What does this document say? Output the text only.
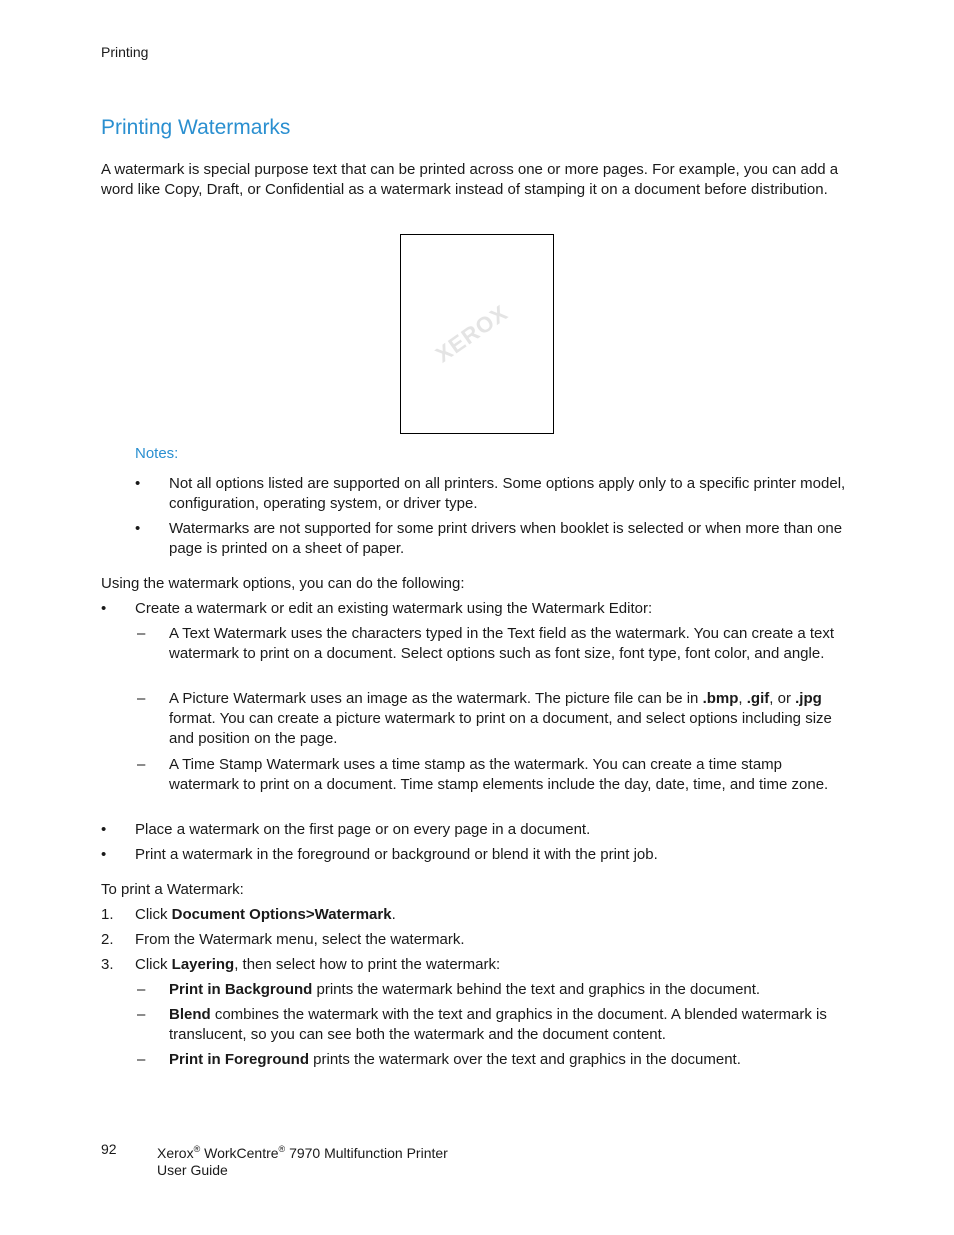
Printing
Printing Watermarks
A watermark is special purpose text that can be printed across one or more pages. For example, you can add a word like Copy, Draft, or Confidential as a watermark instead of stamping it on a document before distribution.
XEROX
Notes:
• Not all options listed are supported on all printers. Some options apply only to a specific printer model, configuration, operating system, or driver type.
• Watermarks are not supported for some print drivers when booklet is selected or when more than one page is printed on a sheet of paper.
Using the watermark options, you can do the following:
• Create a watermark or edit an existing watermark using the Watermark Editor:
– A Text Watermark uses the characters typed in the Text field as the watermark. You can create a text watermark to print on a document. Select options such as font size, font type, font color, and angle.
– A Picture Watermark uses an image as the watermark. The picture file can be in .bmp, .gif, or .jpg format. You can create a picture watermark to print on a document, and select options including size and position on the page.
– A Time Stamp Watermark uses a time stamp as the watermark. You can create a time stamp watermark to print on a document. Time stamp elements include the day, date, time, and time zone.
• Place a watermark on the first page or on every page in a document.
• Print a watermark in the foreground or background or blend it with the print job.
To print a Watermark:
1. Click Document Options>Watermark.
2. From the Watermark menu, select the watermark.
3. Click Layering, then select how to print the watermark:
– Print in Background prints the watermark behind the text and graphics in the document.
– Blend combines the watermark with the text and graphics in the document. A blended watermark is translucent, so you can see both the watermark and the document content.
– Print in Foreground prints the watermark over the text and graphics in the document.
92	Xerox® WorkCentre® 7970 Multifunction Printer
User Guide
